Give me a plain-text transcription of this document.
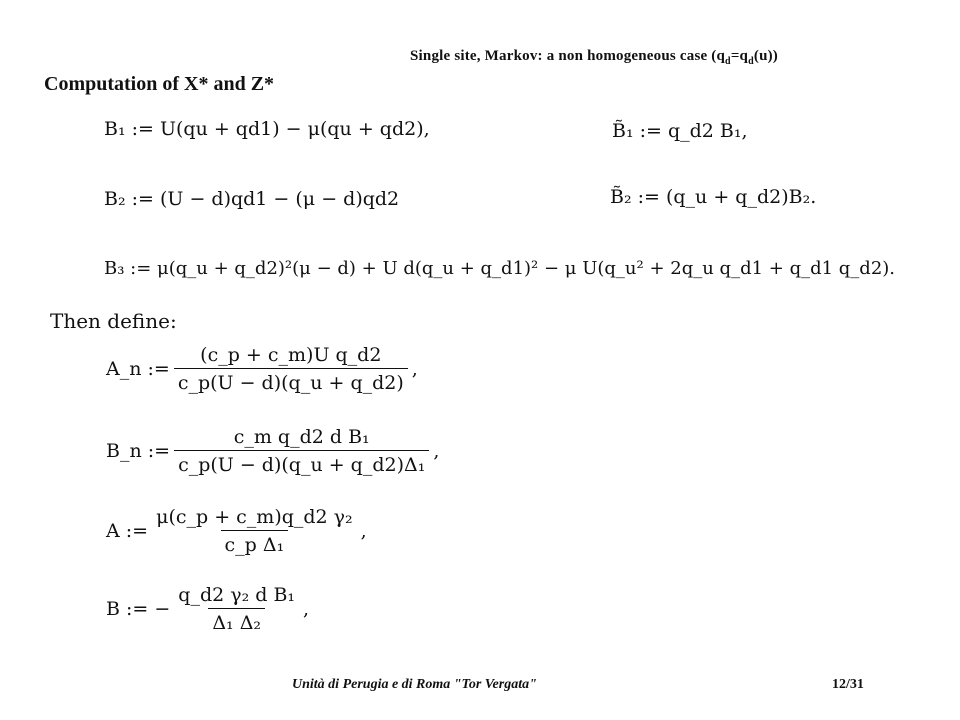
Single site, Markov: a non homogeneous case $(q_d=q_d(u))$
Computation of X* and Z*
B₁ := U(qu + qd1) − μ(qu + qd2),	B̃₁ := q_d2 B₁,
B₂ := (U − d)qd1 − (μ − d)qd2	B̃₂ := (q_u + q_d2)B₂.
B₃ := μ(q_u + q_d2)²(μ − d) + U d(q_u + q_d1)² − μ U(q_u² + 2q_u q_d1 + q_d1 q_d2).
Then define:
A_n := $\frac{\text{(c\_p + c\_m)U q\_d2}}{c\_p(U - d)(q\_u + q\_d2)}$ ,
B_n := $\frac{\text{c\_m q\_d2 d B₁}}{\text{c\_p(U − d)(q\_u + q\_d2)Δ₁}}$ ,
A := $\frac{\text{μ(c\_p + c\_m)q\_d2 γ₂}}{\text{c\_p Δ₁}}$ ,
B := − $\frac{\text{q\_d2 γ₂ d B₁}}{\text{Δ₁ Δ₂}}$ ,
Unità di Perugia e di Roma "Tor Vergata"	12/31
